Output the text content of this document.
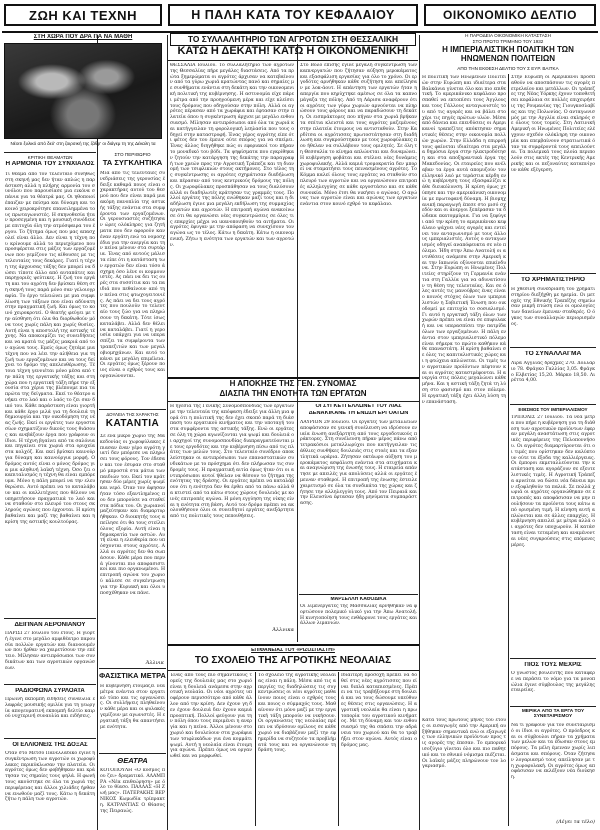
ΖΩΗ ΚΑΙ ΤΕΧΝΗ	Η ΠΑΛΗ ΚΑΤΑ ΤΟΥ ΚΕΦΑΛΑΙΟΥ	ΟΙΚΟΝΟΜΙΚΟ ΔΕΛΤΙΟ
ΣΤΗ ΧΩΡΑ ΠΟΥ ΔΡΑ ΠΑ ΝΑ ΜΑΘΗ
Νέοιτι ξυλικό από δεύ' στη ζοιρσική της ζάθρ' οι διάγεμ τη της Δέκαλη τα
ΚΡΙΤΙΚΗ ΘΕΑΜΑΤΩΝ
Η ΑΡΜΟΝΙΑ ΤΟΥ ΣΥΝΧΙΑΛΟΣ
Τι θέαμα από τον τελευταίο συνηθώς στη σκηνή μας δεν ήταν απλώς η παράσταση αλλά η πλήρης αρμονία του συνόλου που παρουσίασε μια εικόνα σπάνια για τα θέατρά μας. Οι ηθοποιοί έπαιζαν με πείσμα και δύναμη και το κοινό χειροκρότησε επανειλημμένα τους πρωταγωνιστές. Η σκηνοθεσία ήταν προσεγμένη και η μουσική συνόδευε με επιτυχία όλη την ατμόσφαιρα του έργου. Το ζήτημα όμως που μας απασχολεί είναι άλλο. Δεν είναι η τέχνη που κρίνουμε αλλά το περιεχόμενο που προσφέρεται στις μάζες των εργαζομένων που γεμίζουν τις αίθουσες με τις τελευταίες τους δεκάρες. Γιατί η τέχνη της άρχουσας τάξης δεν μπορεί να δώσει τίποτε άλλο από αυταπάτες και παρηγοριές ψεύτικες. Η ζωή του εργάτη και του αγρότη δεν βρίσκει θέση στη σκηνή τους παρά μόνο σαν γελοιογραφία. Το έργο τελειώνει με μια συμφιλίωση των τάξεων που είναι αδύνατη στην πραγματική ζωή. Και όμως το κοινό χειροκροτεί. Ο θεατής φεύγει με την αίσθηση ότι όλα θα διορθωθούν μόνα τους χωρίς πάλη και χωρίς θυσίες. Αυτή είναι η αποστολή της αστικής τέχνης. Να αποκοιμίζει τις συνειδήσεις και να κρατά τις μάζες μακριά από τον αγώνα τους. Εμείς όμως ζητάμε μια τέχνη που να λέει την αλήθεια για τη ζωή των εργαζομένων και να τους δείχνει το δρόμο της απελευθέρωσης. Τέτοια τέχνη γεννιέται μόνο μέσα από την πάλη της εργατικής τάξης και στη χώρα που η εργατική τάξη πήρε την εξουσία στα χέρια της βλέπουμε πια τα πρώτα της δείγματα. Εκεί το θέατρο ανήκει στο λαό και ο λαός το ζει σαν δικό του. Κάθε παράσταση είναι γιορτή και κάθε έργο μιλά για τη δουλειά τη δημιουργία και την οικοδόμηση της νέας ζωής. Εκεί οι εργάτες των εργοστασίων σχηματίζουν δικούς τους θιάσους και ανεβάζουν έργα που γράφουν οι ίδιοι. Η τέχνη βγαίνει από τα σαλόνια και πηγαίνει στα χωριά στα ορυχεία στα κολχόζ. Και εκεί βρίσκει καινούργια δύναμη και καινούργια μορφή. Ο δρόμος αυτός είναι ο μόνος δρόμος για μια αληθινή λαϊκή τέχνη. Όσο ζει ο καπιταλισμός η τέχνη θα είναι εμπόρευμα. Μόνο η πάλη μπορεί να την ελευθερώσει. Αυτό πρέπει να το καταλάβουν και οι καλλιτέχνες που θέλουν να υπηρετήσουν πραγματικά το λαό και να σταθούν στο πλευρό του στους σκληρούς αγώνες που έρχονται. Η κρίση βαθαίνει και μαζί της βαθαίνει και η κρίση της αστικής κουλτούρας.
ΔΕΙΠΝΑΝ ΑΕΡΟΝΙΑΝΟΥ
ΠΑΡΙΣΙ 27 Ιουλίου του έτους. Η γιορτή έγινε στο μεγάλο αμφιθέατρο παρουσία πολλών εργατών και διανοουμένων που ήρθαν να χαιρετίσουν την επέτειο. Μίλησαν αντιπρόσωποι των συνδικάτων και των αγροτικών οργανώσεων.
ΡΑΔΙΟΦΩΝΑ ΣΥΡΛΟΑΤΑ
Πρωινή εκπομπή ειδήσεις συναυλία ελαφράς μουσικής ομιλία για τη γεωργία απογευματινή εκπομπή δελτίο καιρού νυχτερινή συναυλία και ειδήσεις.
ΟΙ ΕΛΛΙΟΝΕΙΣ ΤΗΣ ΔΟΞΑΣ
Όταν στο Μετσο Πανελλαδικό έγινε η συγκέντρωση των αγροτών οι χωροφύλακες περικύκλωσαν την πλατεία. Οι αγρότες όμως δεν φοβήθηκαν και κράτησαν τις σημαίες τους ψηλά. Η φωνή τους ακούστηκε σε όλα τα χωριά της περιφέρειας και άλλοι χιλιάδες ήρθαν να ενωθούν μαζί τους. Κάτω η δεκάτη ζήτω η πάλη των αγροτών.
ΣΤΟ ΠΕΡΙΘΩΡΙΟ
ΤΑ ΣΥΓΚΛΗΤΙΚΑ
Μια από τις τελευταίες συνεδριάσεις της γερουσίας έδειξε καθαρά ποιος είναι ο χαρακτήρας αυτού του θεσμού που δεν είναι παρά μια ακόμη πανοπλία της αστικής τάξης ενάντια στα συμφέροντα των εργαζομένων. Οι γερουσιαστές συζήτησαν ώρες ολόκληρες για ζητήματα που δεν αφορούν κανέναν εργάτη ενώ τα νομοσχέδια για την ανεργία και την πείνα μένουν στα συρτάρια. Ένας από αυτούς μάλιστα είπε ότι η κατάσταση των εργατών δεν είναι τόσο άσχημη όσο λένε οι κομμουνιστές. Ας πάει να δει τις ουρές στα συσσίτια και τα παιδιά που πεθαίνουν από την πείνα στις φτωχογειτονιές. Ας πάει να δει τους αγρότες που πουλούν το τελευταίο τους ζώο για να πληρώσουν τη δεκάτη. Τότε ίσως καταλάβει. Αλλά δεν θέλει να καταλάβει. Γιατί η γερουσία υπάρχει για να υπερασπίζει τα συμφέροντα των τραπεζιτών και των μεγαλοβιομηχάνων. Και αυτό το κάνει με μεγάλη επιμέλεια. Οι εργάτες όμως ξέρουν ποιος είναι ο εχθρός τους και οργανώνονται.
ΔΟΥΛΕΙΑ ΤΗΣ ΧΑΡΑΚΤΗΣ
ΚΑΤΑΝΤΙΑ
Σε ένα μικρό χωριό της Μακεδονίας οι χωροφύλακες έπιασαν έναν γέρο αγρότη γιατί δεν μπόρεσε να πληρώσει τους φόρους. Τον έδεσαν και τον έσυραν στο σταθμό μπροστά στα μάτια των παιδιών του. Εκεί τον κράτησαν δύο μέρες χωρίς ψωμί και νερό. Όταν τον άφησαν ήταν τόσο εξαντλημένος που δεν μπορούσε να σταθεί στα πόδια του. Οι χωριανοί μαζεύτηκαν και διαμαρτυρήθηκαν. Ο διοικητής τους απείλησε ότι θα τους στείλει όλους εξορία. Αυτή είναι η δημοκρατία των αστών. Αυτή είναι η ελευθερία που υπόσχονται στους αγρότες. Αλλά οι αγρότες δεν θα σωπάσουν. Κάθε μέρα που περνά γίνονται πιο αποφασιστικοί και πιο οργανωμένοι. Η επιτροπή αγώνα του χωριού κάλεσε σε συγκέντρωση για την Κυριακή και όλοι υποσχέθηκαν να πάνε.
Άλλνικ
ΦΑΣΙΣΤΙΚΑ ΜΕΤΡΑ
Η κυβέρνηση ετοιμάζει νέα μέτρα ενάντια στον εργατικό τύπο και τις οργανώσεις. Οι συλλήψεις πληθαίνουν κάθε μέρα και οι φυλακές γεμίζουν με αγωνιστές. Η εργατική τάξη θα απαντήσει με ενότητα.
ΘΕΑΤΡΑ
ΚΟΤΟΠΟΥΛΗ «Ο κόσμος που ζει» δραματικό. ΑΛΑΜΠΡΑ «Νέα επιθεώρηση» με όλο το θίασο. ΠΑΛΛΑΣ «Η Ζωή μας». ΠΑΤΕΡΑΚΗΣ ΒΕΡΝΙΚΟΣ Κωμωδία τρίπρακτη. ΚΑΤΡΑΝΤΙΑΣ Ο Θίασος της Πειραιώς.
ΤΟ ΣΥΛΛΑΛΗΤΗΡΙΟ ΤΩΝ ΑΓΡΟΤΩΝ ΣΤΗ ΘΕΣΣΑΛΙΚΗ
ΚΑΤΩ Η ΔΕΚΑΤΗ! ΚΑΤΩ Η ΟΙΚΟΝΟΜΕΝΙΚΗ!
ΘΕΣΣΑΛΙΑ Ιουλίου. Το συλλαλητήριο των αγροτών της Θεσσαλίας πήρε μεγάλες διαστάσεις. Από τα πρώτα ξημερώματα οι αγρότες άρχισαν να κατεβαίνουν από τα γύρω χωριά κρατώντας πανό και σημαίες με συνθήματα ενάντια στη δεκάτη και την οικονομενική πολιτική της κυβέρνησης. Η αστυνομία είχε πάρει μέτρα από την προηγούμενη μέρα και είχε κλείσει τους δρόμους που οδηγούσαν στην πόλη. Αλλά οι αγρότες πέρασαν από τα χωράφια και έφτασαν στην πλατεία όπου η συγκέντρωση άρχισε με μεγάλο ενθουσιασμό. Μίλησαν αντιπρόσωποι από όλα τα χωριά και κατήγγειλαν τη φορολογική λεηλασία που τους οδηγεί στην καταστροφή. Ένας γέρος αγρότης είπε ότι φέτος δεν του έμεινε ούτε σπόρος για να σπείρει. Ένας άλλος διηγήθηκε πώς οι εφοριακοί του πήραν το μοναδικό του βόδι. Τα ψηφίσματα που εγκρίθηκαν ζητούν την κατάργηση της δεκάτης την παραγραφή των χρεών προς την Αγροτική Τράπεζα και τη διανομή των τσιφλικιών στους ακτήμονες. Στο τέλος της συγκέντρωσης οι αγρότες σχημάτισαν διαδήλωση και πέρασαν από τους κεντρικούς δρόμους της πόλης. Οι χωροφύλακες προσπάθησαν να τους διαλύσουν αλλά οι διαδηλωτές κράτησαν τις γραμμές τους. Πολλοί εργάτες της πόλης ενώθηκαν μαζί τους και η διαδήλωση έγινε μια μεγάλη εκδήλωση της συμμαχίας εργατών και αγροτών. Η επιτροπή αγώνα ανακοίνωσε ότι θα οργανώσει νέες συγκεντρώσεις σε όλες τις επαρχίες μέχρι να ικανοποιηθούν τα αιτήματα. Οι αγρότες έφυγαν με την απόφαση να συνεχίσουν τον αγώνα ως το τέλος. Κάτω η δεκάτη. Κάτω η οικονομενική. Ζήτω η ενότητα των εργατών και των αγροτών.
Στο Βόλο επίσης έγινε μεγάλη συγκέντρωση των καπνεργατών που ζήτησαν αύξηση μεροκάματος και εξασφάλιση εργασίας για όλο το χρόνο. Οι εργοδότες αρνήθηκαν κάθε συζήτηση και απείλησαν με λοκ-άουτ. Η απάντηση των εργατών ήταν η απεργία που κηρύχτηκε αμέσως σε όλα τα καπνομάγαζα της πόλης. Από τη Λάρισα αναφέρουν ότι οι αγρότες των γύρω χωριών αρνούνται να πληρώσουν τους φόρους και να παραδώσουν τη δεκάτη. Οι εισπράκτορες που πήγαν στα χωριά βρήκαν τα σπίτια κλειστά και τους αγρότες μαζεμένους στην πλατεία έτοιμους να αντισταθούν. Στην Καρδίτσα οι αγρότισσες πρωτοστάτησαν στη διαδήλωση και συγκρούστηκαν με τους χωροφύλακες που ήθελαν να συλλάβουν τους ομιλητές. Σε όλη τη Θεσσαλία το κίνημα απλώνεται και δυναμώνει. Η κυβέρνηση φοβάται και στέλνει νέες δυνάμεις χωροφυλακής. Αλλά καμιά τρομοκρατία δεν μπορεί να σταματήσει τους πεινασμένους αγρότες. Το Κόμμα καλεί όλους τους εργάτες να σταθούν στο πλευρό των αγροτών και να οργανώσουν επιτροπές αλληλεγγύης σε κάθε εργοστάσιο και σε κάθε συνοικία. Μόνο έτσι θα νικήσει ο αγώνας. Ο αγώνας των αγροτών είναι και αγώνας των εργατών ενάντια στον κοινό εχθρό το κεφάλαιο.
Η ΑΠΟΚΗΣΕ ΤΗΣ ΓΕΝ. ΣΥΝΟΜΑΣ
ΔΙΑΣΠΑ ΤΗΝ ΕΝΟΤΗΤΑ ΤΩΝ ΕΡΓΑΤΩΝ
Η ηγεσία της Γενικής Συνομοσπονδίας των εργατών με την τελευταία της απόφαση έδειξε για άλλη μια φορά ότι η πολιτική της δεν έχει σκοπό παρά τη διάσπαση του εργατικού κινήματος και την υποταγή του στα συμφέροντα της αστικής τάξης. Ενώ οι εργάτες σε όλη τη χώρα αγωνίζονται για ψωμί και δουλειά οι αρχηγοί της συνομοσπονδίας διαπραγματεύονται με τους εργοδότες και την κυβέρνηση πίσω από τις πλάτες των μελών τους. Στο τελευταίο συνέδριο αποκλείστηκαν οι αντιπρόσωποι των επαναστατικών συνδικάτων με το πρόσχημα ότι δεν πλήρωσαν τις συνδρομές τους. Η πραγματική αιτία όμως ήταν ότι οι αντιπρόσωποι αυτοί ήθελαν να θέσουν το ζήτημα της ενότητας της δράσης. Οι εργάτες πρέπει να καταλάβουν ότι η ενότητα δεν θα έρθει από τα πάνω αλλά θα κτιστεί από τα κάτω στους χώρους δουλειάς με κοινές επιτροπές αγώνα. Η μόνη εγγύηση της νίκης είναι η ενότητα στη βάση. Αυτό τον δρόμο πρέπει να ακολουθήσουν όλοι οι συνειδητοί εργάτες ανεξάρτητα από τις πολιτικές τους πεποιθήσεις.
Άλλνικα
ΟΙ ΣΥΓΚΕΤΙ ΕΛΛΩΝΕΤ ΤΟΥ ΛΙΑΣ
ΔΕΝΑΚΙΚΑΝΕ ΤΗ ΕΝΩΣΗ ΕΡΓΟΑΤΩΝ
ΛΑΥΡΙΟΝ 29 Ιουλίου. Οι εργάτες των μεταλλείων αποφάσισαν σε γενική συνέλευση να ιδρύσουν ενιαία ένωση ανεξάρτητη από τους εργοδοτικούς πράκτορες. Στη συνέλευση πήραν μέρος πάνω από τετρακόσιοι μεταλλωρύχοι που κατήγγειλαν τις άθλιες συνθήκες δουλειάς στις στοές και τα εξαντλητικά ωράρια. Ζήτησαν οκτάωρο αύξηση του μεροκάματος ασφάλιση ενάντια στα ατυχήματα και αναγνώριση της ένωσής τους. Η εταιρεία απάντησε με απειλές για απολύσεις αλλά οι εργάτες έμειναν σταθεροί. Η επιτροπή της ένωσης έστειλε χαιρετισμό σε όλα τα συνδικάτα της χώρας και ζήτησε την αλληλεγγύη τους. Από τον Πειραιά και την Ελευσίνα έφτασαν ήδη μηνύματα συμπαράστασης.
ΜΑΡΣΕΛΛΗ ΚΑΘΟΔΙΚΑ
Οι λιμενεργάτες της Μασσαλίας αρνήθηκαν να φορτώσουν πολεμικό υλικό για την Άπω Ανατολή. Η κινητοποίηση τους ενθάρρυνε τους εργάτες και άλλων λιμανιών.
ΕΠΙΦΑΝΕΙΑΣ ΤΟΥ «ΡΙΖΟΣΠΑΣΤΗ»
ΤΟ ΣΧΟΛΕΙΟ ΤΗΣ ΑΓΡΟΤΙΚΗΣ ΝΕΟΛΑΙΑΣ
Ένας από τους πιο σημαντικούς τομείς της δουλειάς μας στο χωριό είναι η δουλειά ανάμεσα στην αγροτική νεολαία. Οι νέοι αγρότες υποφέρουν περισσότερο από κάθε άλλον από την κρίση. Δεν έχουν γη δεν έχουν δουλειά δεν έχουν καμιά προοπτική. Πολλοί φεύγουν για την πόλη όπου τους περιμένει η ανεργία και η πείνα. Άλλοι μένουν στο χωριό και δουλεύουν στα χωράφια των τσιφλικάδων για ένα κομμάτι ψωμί. Αυτή η νεολαία είναι έτοιμη για αγώνα. Πρέπει όμως να οργανωθεί και να μορφωθεί.
Το σχολείο της αγροτικής νεολαίας είναι η πάλη. Μέσα από τις απεργίες τις διαδηλώσεις τις συγκεντρώσεις οι νέοι αγρότες μαθαίνουν ποιος είναι ο εχθρός τους και ποιος ο σύμμαχός τους. Μαθαίνουν ότι μόνο μαζί με την εργατική τάξη μπορούν να νικήσουν. Οι οργανώσεις της νεολαίας πρέπει να ιδρύσουν ομίλους σε κάθε χωριό να διαβάζουν μαζί την εφημερίδα να συζητούν τα προβλήματά τους και να οργανώνουν τη δράση τους.
Ιδιαίτερη προσοχή πρέπει να δοθεί στις νέες αγρότισσες που είναι διπλά καταπιεσμένες. Πρέπει να τις τραβήξουμε στη δουλειά και να τους δώσουμε υπεύθυνες θέσεις στις οργανώσεις. Η αγροτική νεολαία θα είναι η πρωτοπορία του αγροτικού κινήματος. Με τη δύναμη και τον ενθουσιασμό της θα σπάσει την αδράνεια του χωριού και θα το τραβήξει στον αγώνα. Αυτός είναι ο δρόμος μας.
Η ΠΑΡΟΔΕΙΑ ΟΙΚΟΝΟΜΙΚΗ ΚΑΤΑΣΤΑΣΗ
ΣΤΟ ΠΡΩΤΟ ΤΡΙΜΗΝΟ ΤΟΥ 1932
Η ΙΜΠΕΡΙΑΛΙΣΤΙΚΗ ΠΟΛΙΤΙΚΗ ΤΩΝ ΗΝΩΜΕΝΩΝ ΠΟΛΙΤΕΙΩΝ
ΑΠΟ ΤΗΝ ΕΚΘΕΣΗ ΔΕΛΤΙΟ ΤΟΥ Σ ΕΥΡ. ΒΑΙΤΚΑ
Η πολιτική των Ηνωμένων Πολιτειών στην Ευρώπη και ιδιαίτερα στα Βαλκάνια γίνεται όλο και πιο επιθετική. Το αμερικάνικο κεφάλαιο προσπαθεί να εκτοπίσει τους Άγγλους και τους Γάλλους ανταγωνιστές του από τις αγορές και να βάλει στο χέρι τις πηγές πρώτων υλών. Μέσα από δάνεια και επενδύσεις οι Αμερικανοί τραπεζίτες απόκτησαν σημαντικές θέσεις στην οικονομία πολλών χωρών. Στην Ελλάδα η επιρροή τους φαίνεται ιδιαίτερα στα μεγάλα δημόσια έργα στην ηλεκτροδότηση και στα αποξηραντικά έργα της Μακεδονίας. Οι εταιρείες που ανέλαβαν τα έργα αυτά απομυζούν τον ελληνικό λαό με τεράστια κέρδη ενώ η κυβέρνηση τους εξασφαλίζει κάθε διευκόλυνση. Η κρίση όμως χτύπησε και την αμερικάνικη οικονομία με πρωτοφανή δύναμη. Η βιομηχανική παραγωγή έπεσε στο μισό σχεδόν και οι άνεργοι ξεπέρασαν τα δώδεκα εκατομμύρια. Για να ξεφύγει από την κρίση το αμερικάνικο κεφάλαιο ψάχνει νέες αγορές και εντείνει τον ανταγωνισμό με τους άλλους ιμπεριαλιστές. Αυτός ο ανταγωνισμός οδηγεί αναπόφευκτα σε νέο πόλεμο. Ήδη στην Άπω Ανατολή οι αντιθέσεις ανάμεσα στην Αμερική και την Ιαπωνία οξύνονται επικίνδυνα. Στην Ευρώπη οι Ηνωμένες Πολιτείες στηρίζουν τη Γερμανία ενάντια στη Γαλλία για να αδυνατίσουν τη θέση της τελευταίας. Και σε όλες αυτές τις μανούβρες ένας είναι ο κοινός στόχος όλων των ιμπεριαλιστών η Σοβιετική Ένωση που οικοδομεί με επιτυχία το σοσιαλισμό. Γι αυτό η εργατική τάξη όλων των χωρών πρέπει να είναι σε επιφυλακή και να υπερασπίσει την πατρίδα όλων των εργαζομένων. Η πάλη ενάντια στον ιμπεριαλιστικό πόλεμο είναι σήμερα το πρώτο καθήκον κάθε επαναστάτη. Η κρίση βαθαίνει σε όλες τις καπιταλιστικές χώρες και η φτώχεια απλώνεται. Οι τιμές των αγροτικών προϊόντων πέφτουν και οι αγρότες καταστρέφονται. Η ανεργία στις πόλεις μεγαλώνει κάθε μήνα. Και η αστική τάξη ζητά τη λύση στο φασισμό και στον πόλεμο. Η εργατική τάξη έχει άλλη λύση την επανάσταση.
Κατά τους πρώτους μήνες του έτους οι εισαγωγές από την Αμερική αυξήθηκαν σημαντικά ενώ οι εξαγωγές των ελληνικών προϊόντων προς τις αγορές της έπεσαν. Το εμπορικό ισοζύγιο γίνεται όλο και πιο παθητικό και το εθνικό νόμισμα πιέζεται. Οι λαϊκές μάζες πληρώνουν τον λογαριασμό.
Στην Ευρώπη οι Αμερικανοί προσπαθούν να αποσπάσουν τις αγορές πετρελαίου και μετάλλων. Οι τράπεζες της Νέας Υόρκης έχουν τοποθετήσει κεφάλαια σε πολλές επιχειρήσεις της Ρουμανίας της Γιουγκοσλαβίας και της Πολωνίας. Ο ανταγωνισμός με την Αγγλία είναι σκληρός σε όλους τους τομείς. Στη Λατινική Αμερική οι Ηνωμένες Πολιτείες ελέγχουν σχεδόν ολόκληρη την οικονομία και επεμβαίνουν στρατιωτικά όταν τα συμφέροντά τους απειλούνται. Τα πολεμικά τους πλοία περιπολούν στις ακτές της Κεντρικής Αμερικής και οι πεζοναύτες καταπνίγουν κάθε εξέγερση.
ΤΟ ΧΡΗΜΑΤΙΣΤΗΡΙΟ
Η χθεσινή συνεδρίαση του χρηματιστηρίου διεξήχθη με ηρεμία. Οι μετοχές της Εθνικής Τραπέζης σημείωσαν μικρή πτώση ενώ οι ομολογίες των δανείων έμειναν σταθερές. Ο όγκος των συναλλαγών περιορισμένος.
ΤΟ ΣΥΝΑΛΛΑΓΜΑ
Λίρα Αγγλίας δραχμές 270. Δολλάριο 78. Φράγκο Γαλλίας 3,05. Φράγκο Ελβετίας 15,20. Μάρκο 18,50. Λιρέττα 4,00.
ΕΘΙΣΜΟΣ ΤΟΥ ΙΜΠΕΡΙΑΛΙΣΜΟΥ
ΤΡΙΠΟΛΙΣ 27 Ιουλίου. Τα νέα μέτρα που πήρε η κυβέρνηση για τη διάθεση των αγροτικών προϊόντων έφεραν μεγάλη αναστάτωση στις αγροτικές περιφέρειες της Πελοποννήσου. Οι αγρότες διαμαρτύρονται ότι οι τιμές που ορίστηκαν δεν καλύπτουν ούτε τα έξοδα της καλλιέργειας. Οι έμποροι εκμεταλλεύονται την κατάσταση και αγοράζουν σε εξευτελιστικές τιμές. Η Αγροτική Τράπεζα αρνείται να δώσει νέα δάνεια πριν εξοφληθούν τα παλιά. Σε πολλά χωριά οι αγρότες οργανώθηκαν σε επιτροπές και αποφάσισαν να μην πουλήσουν τα προϊόντα τους κάτω από ορισμένη τιμή. Η κίνηση αυτή απλώνεται και σε άλλες επαρχίες. Η κυβέρνηση απειλεί με μέτρα αλλά οι αγρότες δεν υποχωρούν. Η κατάσταση είναι τεταμένη και αναμένονται νέες συγκρούσεις στις επόμενες μέρες.
ΠΙΟΣ ΤΟΥΣ ΜΕΧΡΙΣ
Ο γνωστός βουλευτής που κατάφερε να περάσει το νόμο για τα μονοπώλια έγινε σύμβουλος της μεγάλης εταιρείας.
ΜΕΡΙΚΑ ΑΠΟ ΤΑ ΕΡΓΑ ΤΟΥ ΣΥΝΕΤΑΙΡΙΣΜΟΥ
Να τι γράφουν για τον συνεταιρισμό οι ίδιοι οι αγρότες. Ο πρόεδρος και οι σύμβουλοι πήραν τα χρήματα των μελών και τα έδωσαν στους εμπόρους. Τα μέλη έμειναν χωρίς λιπάσματα και σπόρους. Όταν ζήτησαν λογαριασμό τους απείλησαν με τη χωροφυλακή. Οι αγρότες όμως αποφάσισαν να εκλέξουν νέα διοίκηση.
(Λέγει τα τέλο)
